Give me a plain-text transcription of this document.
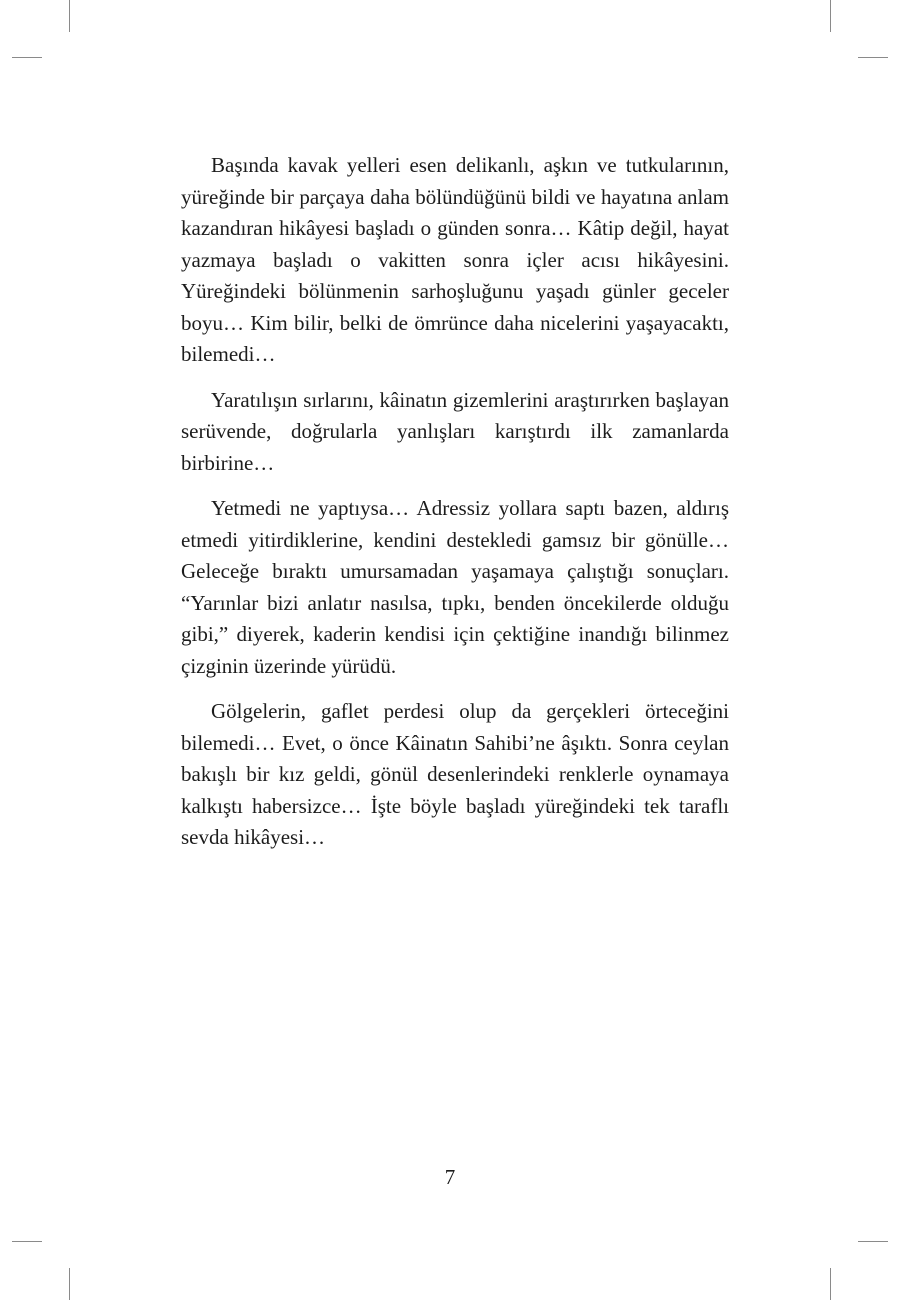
Başında kavak yelleri esen delikanlı, aşkın ve tutkularının, yüreğinde bir parçaya daha bölündüğünü bildi ve hayatına anlam kazandıran hikâyesi başladı o günden sonra… Kâtip değil, hayat yazmaya başladı o vakitten sonra içler acısı hikâyesini. Yüreğindeki bölünmenin sarhoşluğunu yaşadı günler geceler boyu… Kim bilir, belki de ömrünce daha nicelerini yaşayacaktı, bilemedi…

Yaratılışın sırlarını, kâinatın gizemlerini araştırırken başlayan serüvende, doğrularla yanlışları karıştırdı ilk zamanlarda birbirine…

Yetmedi ne yaptıysa… Adressiz yollara saptı bazen, aldırış etmedi yitirdiklerine, kendini destekledi gamsız bir gönülle… Geleceğe bıraktı umursamadan yaşamaya çalıştığı sonuçları. “Yarınlar bizi anlatır nasılsa, tıpkı, benden öncekilerde olduğu gibi,” diyerek, kaderin kendisi için çektiğine inandığı bilinmez çizginin üzerinde yürüdü.

Gölgelerin, gaflet perdesi olup da gerçekleri örteceğini bilemedi… Evet, o önce Kâinatın Sahibi’ne âşıktı. Sonra ceylan bakışlı bir kız geldi, gönül desenlerindeki renklerle oynamaya kalkıştı habersizce… İşte böyle başladı yüreğindeki tek taraflı sevda hikâyesi…

7
